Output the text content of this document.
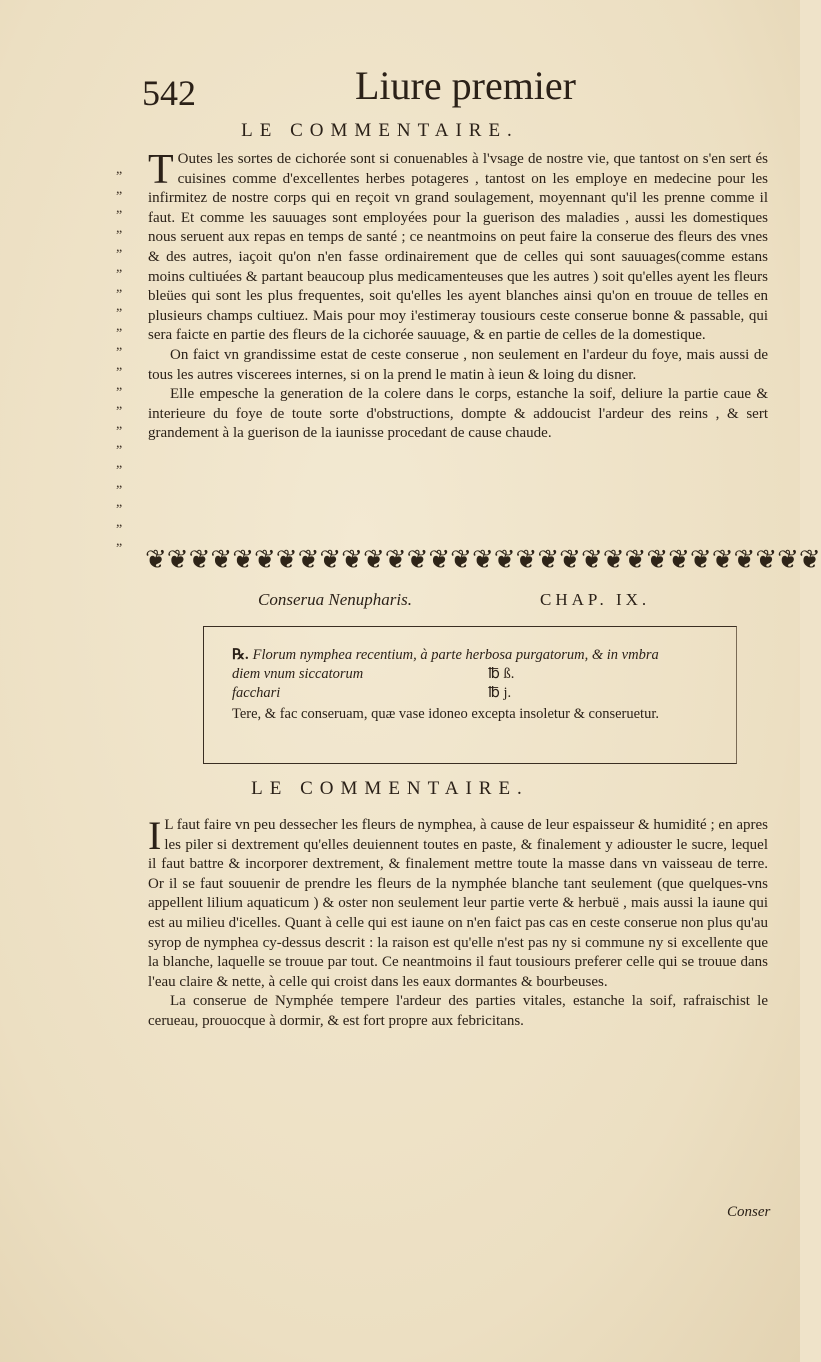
542	Liure premier
LE COMMENTAIRE.
„
„
„
„
„
„
„
„
„
„
„
„
„
„
„
„
„
„
„
„

T Outes les sortes de cichorée sont si conuenables à l'vsage de nostre vie, que tantost on s'en sert és cuisines comme d'excellentes herbes potageres , tantost on les employe en medecine pour les infirmitez de nostre corps qui en reçoit vn grand soulagement, moyennant qu'il les prenne comme il faut. Et comme les sauuages sont employées pour la guerison des maladies , aussi les domestiques nous seruent aux repas en temps de santé ; ce neantmoins on peut faire la conserue des fleurs des vnes & des autres, iaçoit qu'on n'en fasse ordinairement que de celles qui sont sauuages(comme estans moins cultiuées & partant beaucoup plus medicamenteuses que les autres ) soit qu'elles ayent les fleurs bleües qui sont les plus frequentes, soit qu'elles les ayent blanches ainsi qu'on en trouue de telles en plusieurs champs cultiuez. Mais pour moy i'estimeray tousiours ceste conserue bonne & passable, qui sera faicte en partie des fleurs de la cichorée sauuage, & en partie de celles de la domestique.

On faict vn grandissime estat de ceste conserue , non seulement en l'ardeur du foye, mais aussi de tous les autres viscerees internes, si on la prend le matin à ieun & loing du disner.

Elle empesche la generation de la colere dans le corps, estanche la soif, deliure la partie caue & interieure du foye de toute sorte d'obstructions, dompte & addoucist l'ardeur des reins , & sert grandement à la guerison de la iaunisse procedant de cause chaude.

❦ ❦ ❦ ❦ ❦ ❦ ❦ ❦ ❦ ❦ ❦ ❦ ❦ ❦ ❦ ❦ ❦ ❦ ❦ ❦ ❦ ❦ ❦ ❦ ❦ ❦ ❦ ❦ ❦ ❦ ❦
Conserua Nenupharis.	CHAP. IX.
℞. Florum nymphea recentium, à parte herbosa purgatorum, & in vmbra
diem vnum siccatorum	℔ ß.
facchari	℔ j.
Tere, & fac conseruam, quæ vase idoneo excepta insoletur & conseruetur.
LE COMMENTAIRE.

I L faut faire vn peu dessecher les fleurs de nymphea, à cause de leur espaisseur & humidité ; en apres les piler si dextrement qu'elles deuiennent toutes en paste, & finalement y adiouster le sucre, lequel il faut battre & incorporer dextrement, & finalement mettre toute la masse dans vn vaisseau de terre. Or il se faut souuenir de prendre les fleurs de la nymphée blanche tant seulement (que quelques-vns appellent lilium aquaticum ) & oster non seulement leur partie verte & herbuë , mais aussi la iaune qui est au milieu d'icelles. Quant à celle qui est iaune on n'en faict pas cas en ceste conserue non plus qu'au syrop de nymphea cy-dessus descrit : la raison est qu'elle n'est pas ny si commune ny si excellente que la blanche, laquelle se trouue par tout. Ce neantmoins il faut tousiours preferer celle qui se trouue dans l'eau claire & nette, à celle qui croist dans les eaux dormantes & bourbeuses.

La conserue de Nymphée tempere l'ardeur des parties vitales, estanche la soif, rafraischist le cerueau, prouocque à dormir, & est fort propre aux febricitans.

Conser
